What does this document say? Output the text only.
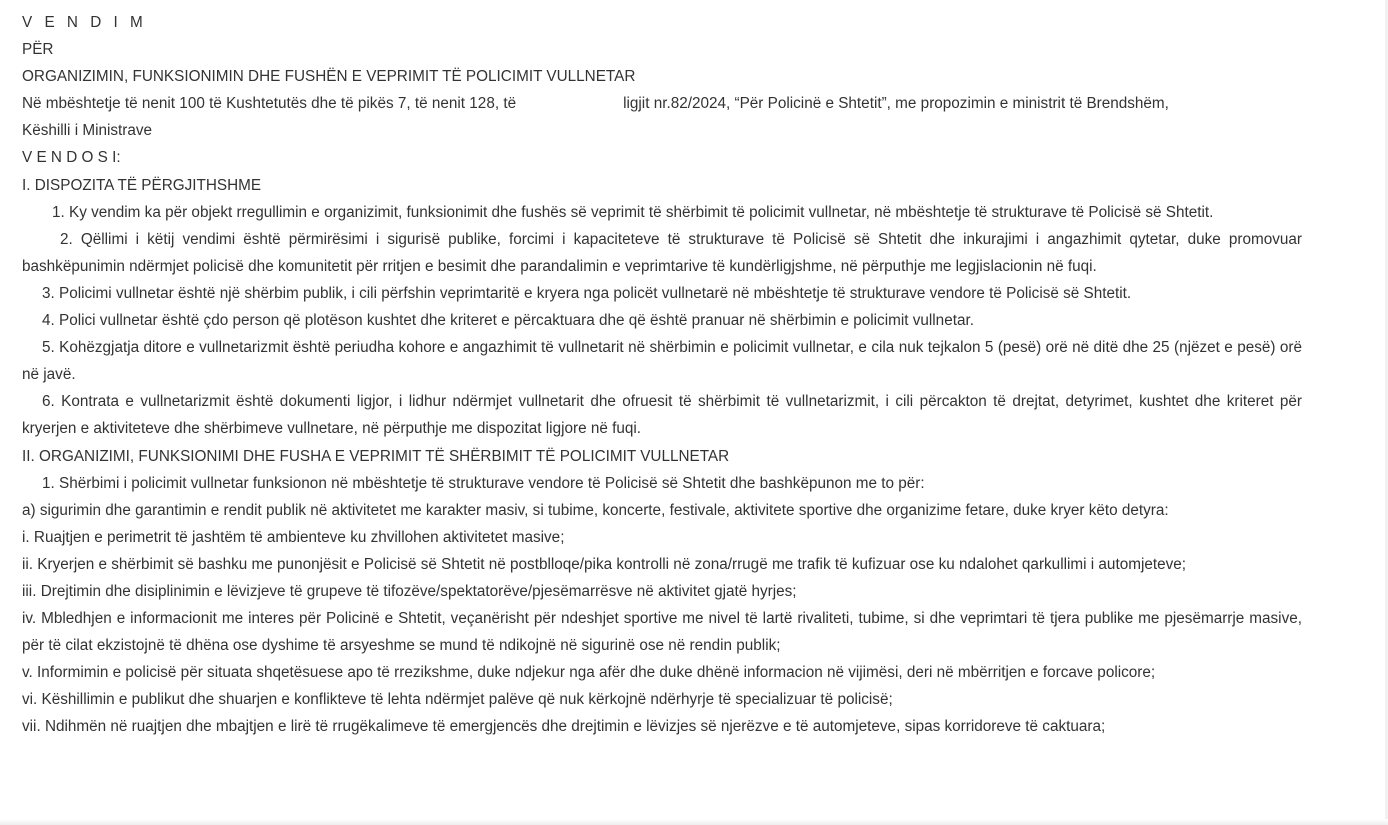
V E N D I M

PËR

ORGANIZIMIN, FUNKSIONIMIN DHE FUSHËN E VEPRIMIT TË POLICIMIT VULLNETAR

Në mbështetje të nenit 100 të Kushtetutës dhe të pikës 7, të nenit 128, të	ligjit nr.82/2024, “Për Policinë e Shtetit”, me propozimin e ministrit të Brendshëm,

Këshilli i Ministrave

V E N D O S I:

I. DISPOZITA TË PËRGJITHSHME

1. Ky vendim ka për objekt rregullimin e organizimit, funksionimit dhe fushës së veprimit të shërbimit të policimit vullnetar, në mbështetje të strukturave të Policisë së Shtetit.

2. Qëllimi i këtij vendimi është përmirësimi i sigurisë publike, forcimi i kapaciteteve të strukturave të Policisë së Shtetit dhe inkurajimi i angazhimit qytetar, duke promovuar bashkëpunimin ndërmjet policisë dhe komunitetit për rritjen e besimit dhe parandalimin e veprimtarive të kundërligjshme, në përputhje me legjislacionin në fuqi.

3. Policimi vullnetar është një shërbim publik, i cili përfshin veprimtaritë e kryera nga policët vullnetarë në mbështetje të strukturave vendore të Policisë së Shtetit.

4. Polici vullnetar është çdo person që plotëson kushtet dhe kriteret e përcaktuara dhe që është pranuar në shërbimin e policimit vullnetar.

5. Kohëzgjatja ditore e vullnetarizmit është periudha kohore e angazhimit të vullnetarit në shërbimin e policimit vullnetar, e cila nuk tejkalon 5 (pesë) orë në ditë dhe 25 (njëzet e pesë) orë në javë.

6. Kontrata e vullnetarizmit është dokumenti ligjor, i lidhur ndërmjet vullnetarit dhe ofruesit të shërbimit të vullnetarizmit, i cili përcakton të drejtat, detyrimet, kushtet dhe kriteret për kryerjen e aktiviteteve dhe shërbimeve vullnetare, në përputhje me dispozitat ligjore në fuqi.

II. ORGANIZIMI, FUNKSIONIMI DHE FUSHA E VEPRIMIT TË SHËRBIMIT TË POLICIMIT VULLNETAR

1. Shërbimi i policimit vullnetar funksionon në mbështetje të strukturave vendore të Policisë së Shtetit dhe bashkëpunon me to për:

a) sigurimin dhe garantimin e rendit publik në aktivitetet me karakter masiv, si tubime, koncerte, festivale, aktivitete sportive dhe organizime fetare, duke kryer këto detyra:

i. Ruajtjen e perimetrit të jashtëm të ambienteve ku zhvillohen aktivitetet masive;

ii. Kryerjen e shërbimit së bashku me punonjësit e Policisë së Shtetit në postblloqe/pika kontrolli në zona/rrugë me trafik të kufizuar ose ku ndalohet qarkullimi i automjeteve;

iii. Drejtimin dhe disiplinimin e lëvizjeve të grupeve të tifozëve/spektatorëve/pjesëmarrësve në aktivitet gjatë hyrjes;

iv. Mbledhjen e informacionit me interes për Policinë e Shtetit, veçanërisht për ndeshjet sportive me nivel të lartë rivaliteti, tubime, si dhe veprimtari të tjera publike me pjesëmarrje masive, për të cilat ekzistojnë të dhëna ose dyshime të arsyeshme se mund të ndikojnë në sigurinë ose në rendin publik;

v. Informimin e policisë për situata shqetësuese apo të rrezikshme, duke ndjekur nga afër dhe duke dhënë informacion në vijimësi, deri në mbërritjen e forcave policore;

vi. Këshillimin e publikut dhe shuarjen e konflikteve të lehta ndërmjet palëve që nuk kërkojnë ndërhyrje të specializuar të policisë;

vii. Ndihmën në ruajtjen dhe mbajtjen e lirë të rrugëkalimeve të emergjencës dhe drejtimin e lëvizjes së njerëzve e të automjeteve, sipas korridoreve të caktuara;
